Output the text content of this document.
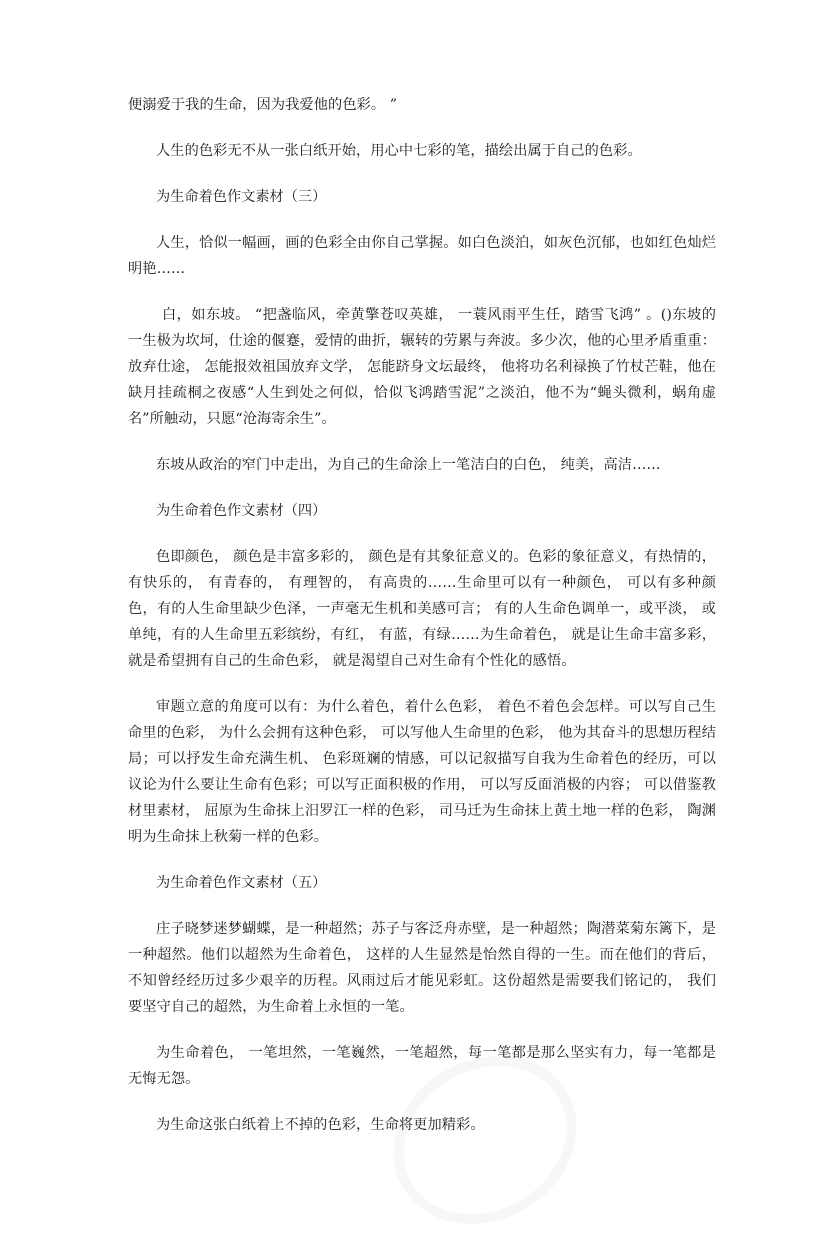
便溺爱于我的生命，因为我爱他的色彩。 ”

人生的色彩无不从一张白纸开始，用心中七彩的笔，描绘出属于自己的色彩。

为生命着色作文素材（三）

人生，恰似一幅画，画的色彩全由你自己掌握。如白色淡泊，如灰色沉郁，也如红色灿烂明艳……

白，如东坡。 “把盏临风，牵黄擎苍叹英雄， 一蓑风雨平生任，踏雪飞鸿” 。()东坡的一生极为坎坷，仕途的偃蹇，爱情的曲折，辗转的劳累与奔波。多少次，他的心里矛盾重重：放弃仕途， 怎能报效祖国放弃文学， 怎能跻身文坛最终， 他将功名利禄换了竹杖芒鞋，他在缺月挂疏桐之夜感“人生到处之何似，恰似飞鸿踏雪泥”之淡泊，他不为“蝇头微利，蜗角虚名”所触动，只愿“沧海寄余生”。

东坡从政治的窄门中走出，为自己的生命涂上一笔洁白的白色， 纯美，高洁……

为生命着色作文素材（四）

色即颜色， 颜色是丰富多彩的， 颜色是有其象征意义的。色彩的象征意义，有热情的，有快乐的， 有青春的， 有理智的， 有高贵的……生命里可以有一种颜色， 可以有多种颜色，有的人生命里缺少色泽，一声毫无生机和美感可言； 有的人生命色调单一，或平淡， 或单纯，有的人生命里五彩缤纷，有红， 有蓝，有绿……为生命着色， 就是让生命丰富多彩， 就是希望拥有自己的生命色彩， 就是渴望自己对生命有个性化的感悟。

审题立意的角度可以有：为什么着色，着什么色彩， 着色不着色会怎样。可以写自己生命里的色彩， 为什么会拥有这种色彩， 可以写他人生命里的色彩， 他为其奋斗的思想历程结局；可以抒发生命充满生机、 色彩斑斓的情感，可以记叙描写自我为生命着色的经历，可以议论为什么要让生命有色彩；可以写正面积极的作用， 可以写反面消极的内容； 可以借鉴教材里素材， 屈原为生命抹上汨罗江一样的色彩， 司马迁为生命抹上黄土地一样的色彩， 陶渊明为生命抹上秋菊一样的色彩。

为生命着色作文素材（五）

庄子晓梦迷梦蝴蝶，是一种超然；苏子与客泛舟赤壁，是一种超然；陶潜菜菊东篱下，是一种超然。他们以超然为生命着色， 这样的人生显然是怡然自得的一生。而在他们的背后，不知曾经经历过多少艰辛的历程。风雨过后才能见彩虹。这份超然是需要我们铭记的， 我们要坚守自己的超然，为生命着上永恒的一笔。

为生命着色， 一笔坦然，一笔巍然，一笔超然，每一笔都是那么坚实有力，每一笔都是无悔无怨。

为生命这张白纸着上不掉的色彩，生命将更加精彩。
